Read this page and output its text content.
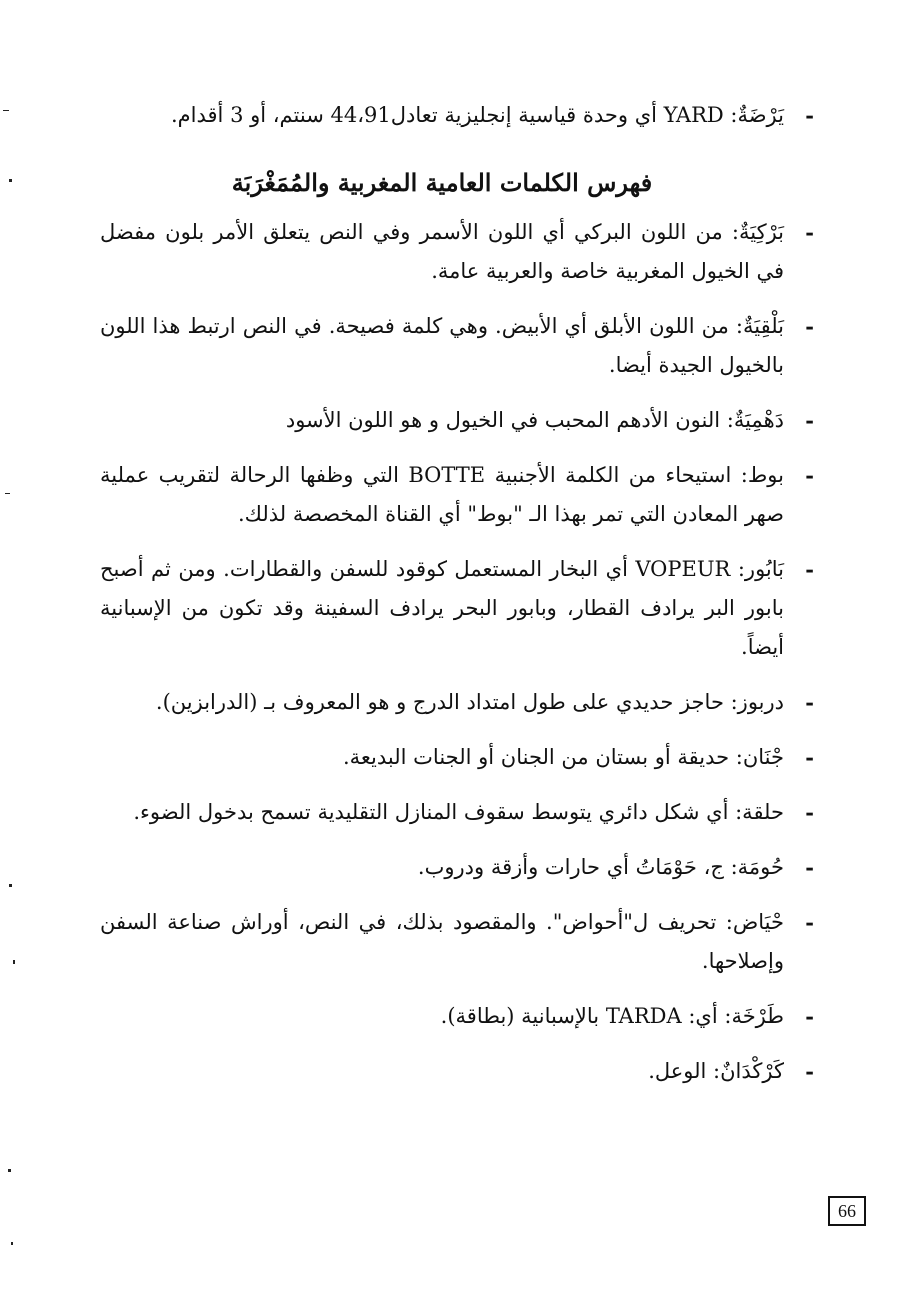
-
يَرْضَةٌ: YARD أي وحدة قياسية إنجليزية تعادل44،91 سنتم، أو 3 أقدام.

فهرس الكلمات العامية المغربية والمُمَغْرَبَة

-
بَرْكِيَةٌ: من اللون البركي أي اللون الأسمر وفي النص يتعلق الأمر بلون مفضل في الخيول المغربية خاصة والعربية عامة.

-
بَلْقِيَةٌ: من اللون الأبلق أي الأبيض. وهي كلمة فصيحة. في النص ارتبط هذا اللون بالخيول الجيدة أيضا.

-
دَهْمِيَةٌ: النون الأدهم المحبب في الخيول و هو اللون الأسود

-
بوط: استيحاء من الكلمة الأجنبية BOTTE التي وظفها الرحالة لتقريب عملية صهر المعادن التي تمر بهذا الـ "بوط" أي القناة المخصصة لذلك.

-
بَابُور: VOPEUR أي البخار المستعمل كوقود للسفن والقطارات. ومن ثم أصبح بابور البر يرادف القطار، وبابور البحر يرادف السفينة وقد تكون من الإسبانية أيضاً.

-
دربوز: حاجز حديدي على طول امتداد الدرج و هو المعروف بـ (الدرابزين).

-
جْنَان: حديقة أو بستان من الجنان أو الجنات البديعة.

-
حلقة: أي شكل دائري يتوسط سقوف المنازل التقليدية تسمح بدخول الضوء.

-
حُومَة: ج، حَوْمَاتُ أي حارات وأزقة ودروب.

-
حْيَاض: تحريف ل"أحواض". والمقصود بذلك، في النص، أوراش صناعة السفن وإصلاحها.

-
طَرْخَة: أي: TARDA بالإسبانية (بطاقة).

-
كَرْكْدَانٌ: الوعل.

66
